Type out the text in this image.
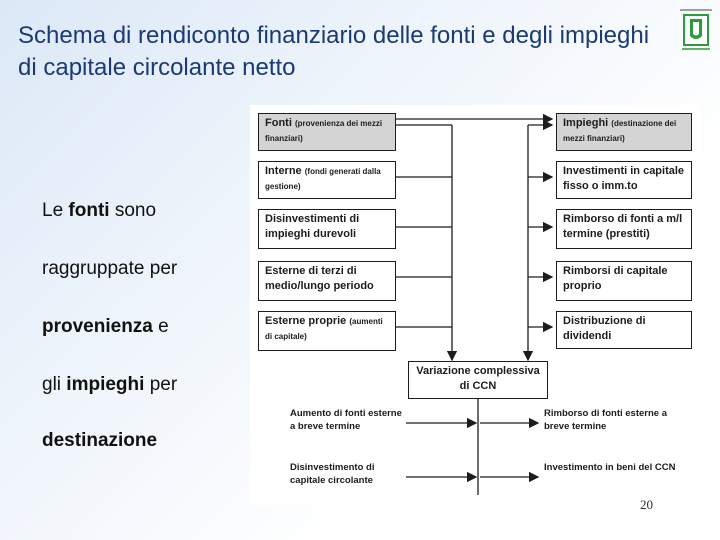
Schema di rendiconto finanziario delle fonti e degli impieghi di capitale circolante netto
Le fonti sono
raggruppate per
provenienza e
gli impieghi per
destinazione
Fonti (provenienza dei mezzi finanziari)
Impieghi (destinazione dei mezzi finanziari)
Interne (fondi generati dalla gestione)
Disinvestimenti di impieghi durevoli
Esterne di terzi di medio/lungo periodo
Esterne proprie (aumenti di capitale)
Investimenti in capitale fisso o imm.to
Rimborso di fonti a m/l termine (prestiti)
Rimborsi di capitale proprio
Distribuzione di dividendi
Variazione complessiva di CCN
Aumento di fonti esterne a breve termine
Disinvestimento di capitale circolante
Rimborso di fonti esterne a breve termine
Investimento in beni del CCN
20
